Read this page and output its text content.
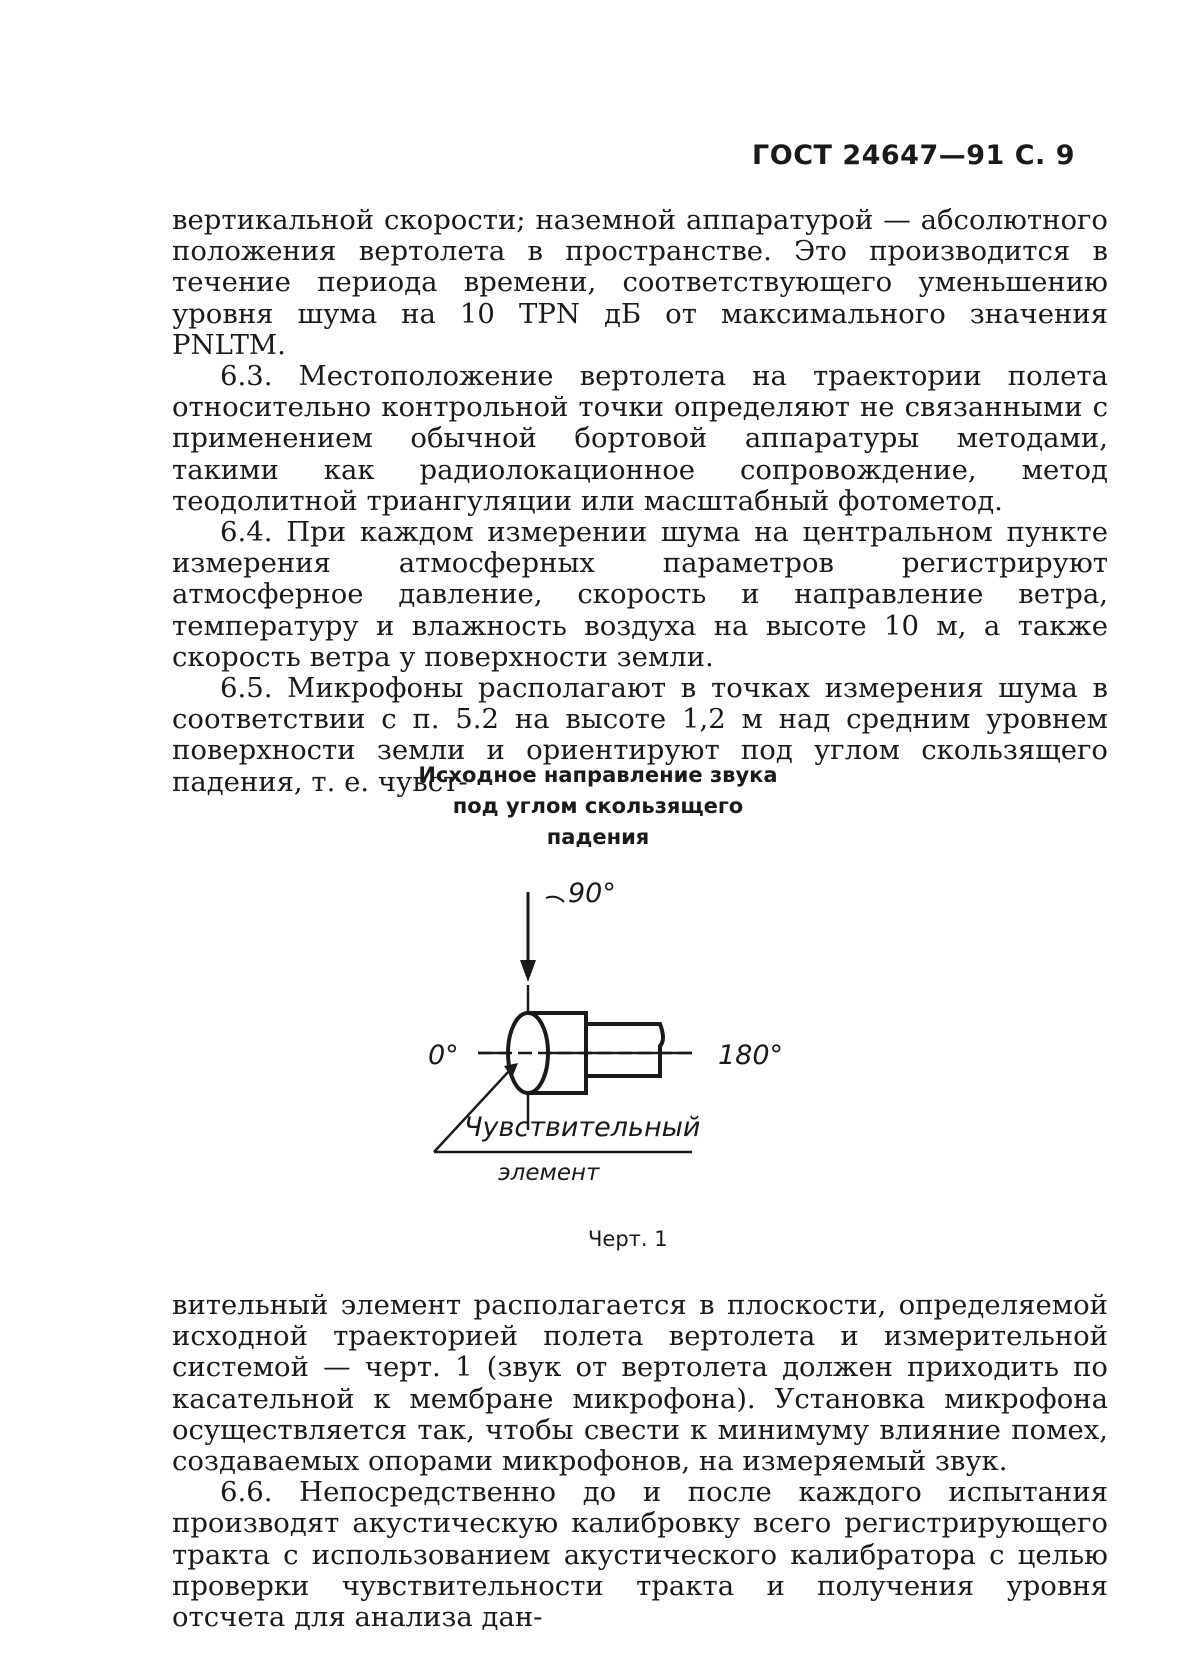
ГОСТ 24647—91 С. 9

вертикальной скорости; наземной аппаратурой — абсолютного положения вертолета в пространстве. Это производится в течение периода времени, соответствующего уменьшению уровня шума на 10 TPN дБ от максимального значения PNLTM.

6.3. Местоположение вертолета на траектории полета относительно контрольной точки определяют не связанными с применением обычной бортовой аппаратуры методами, такими как радиолокационное сопровождение, метод теодолитной триангуляции или масштабный фотометод.

6.4. При каждом измерении шума на центральном пункте измерения атмосферных параметров регистрируют атмосферное давление, скорость и направление ветра, температуру и влажность воздуха на высоте 10 м, а также скорость ветра у поверхности земли.

6.5. Микрофоны располагают в точках измерения шума в соответствии с п. 5.2 на высоте 1,2 м над средним уровнем поверхности земли и ориентируют под углом скользящего падения, т. е. чувст-

Исходное направление звука
под углом скользящего
падения
90°
0°	180°
Чувствительный
элемент
Черт. 1

вительный элемент располагается в плоскости, определяемой исходной траекторией полета вертолета и измерительной системой — черт. 1 (звук от вертолета должен приходить по касательной к мембране микрофона). Установка микрофона осуществляется так, чтобы свести к минимуму влияние помех, создаваемых опорами микрофонов, на измеряемый звук.

6.6. Непосредственно до и после каждого испытания производят акустическую калибровку всего регистрирующего тракта с использованием акустического калибратора с целью проверки чувствительности тракта и получения уровня отсчета для анализа дан-
